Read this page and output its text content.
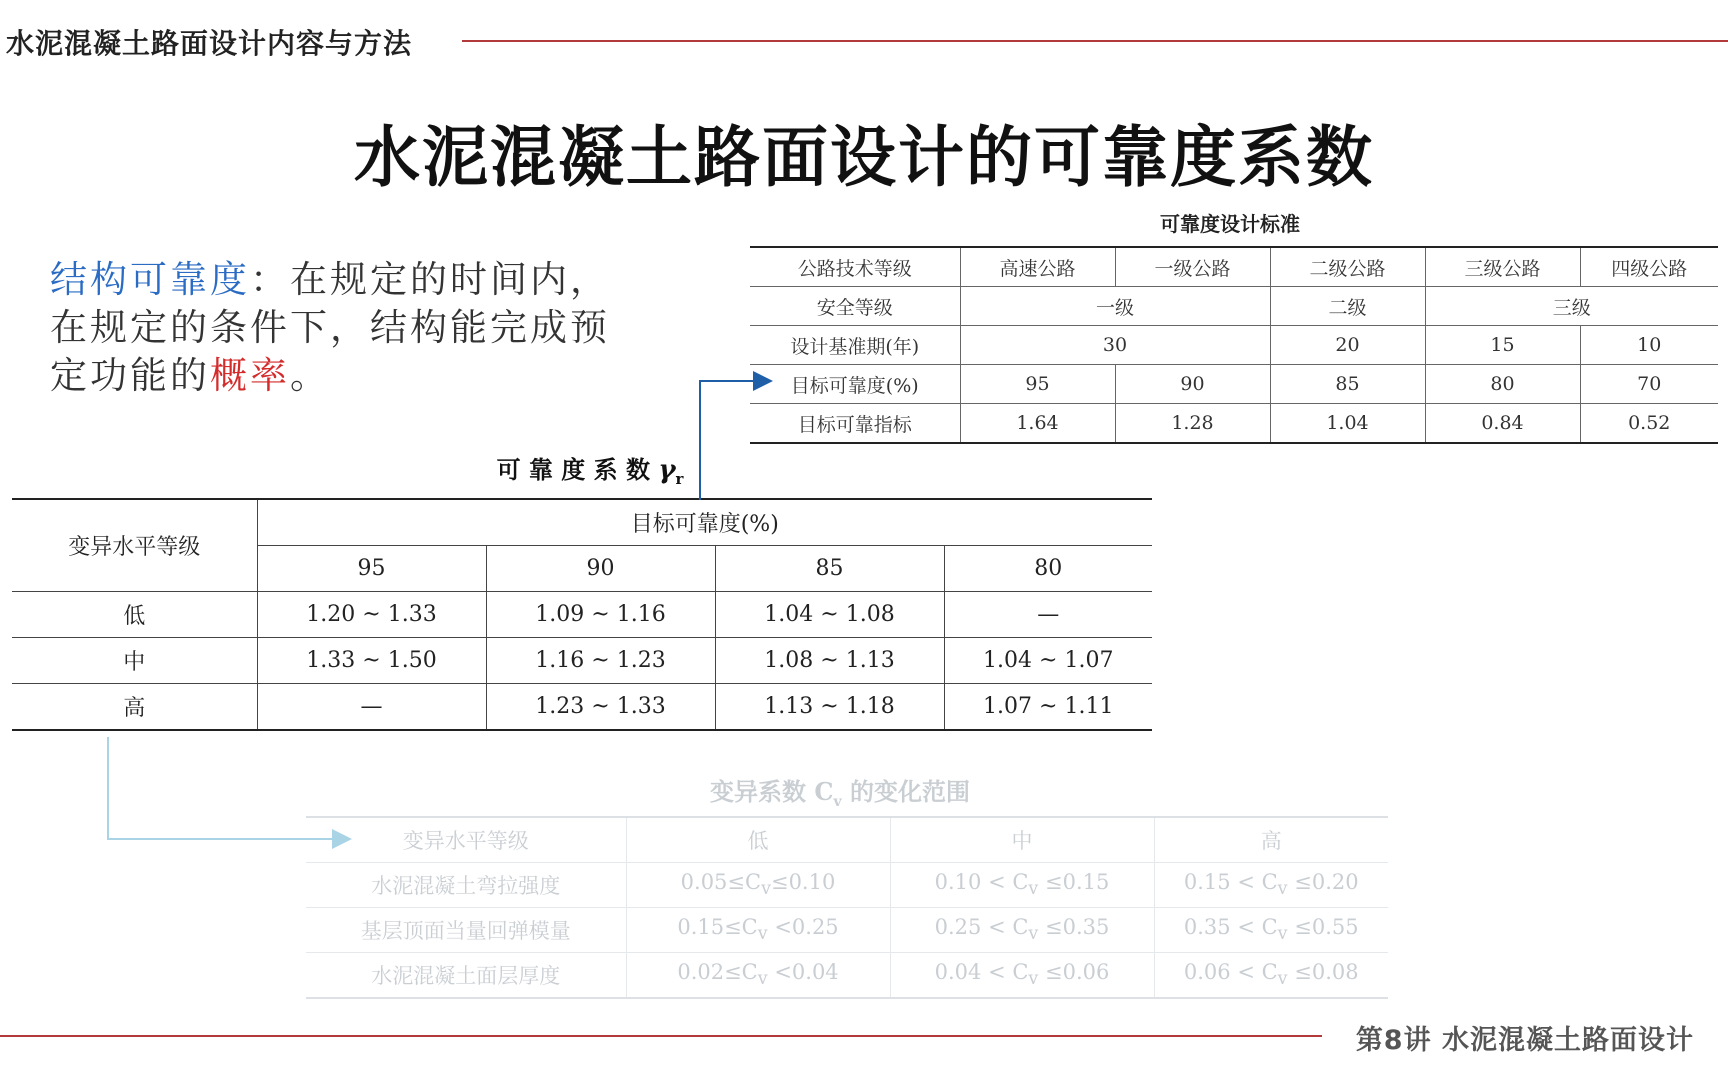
水泥混凝土路面设计内容与方法
水泥混凝土路面设计的可靠度系数
结构可靠度：在规定的时间内，在规定的条件下，结构能完成预定功能的概率。
可靠度设计标准
公路技术等级	高速公路	一级公路	二级公路	三级公路	四级公路
安全等级	一级		二级	三级	
设计基准期(年)	30		20	15	10
目标可靠度(%)	95	90	85	80	70
目标可靠指标	1.64	1.28	1.04	0.84	0.52
可 靠 度 系 数 $\gamma_r$
变异水平等级	目标可靠度(%)			
	95	90	85	80
低	1.20 ~ 1.33	1.09 ~ 1.16	1.04 ~ 1.08	—
中	1.33 ~ 1.50	1.16 ~ 1.23	1.08 ~ 1.13	1.04 ~ 1.07
高	—	1.23 ~ 1.33	1.13 ~ 1.18	1.07 ~ 1.11
变异系数 $C_v$ 的变化范围
变异水平等级	低	中	高
水泥混凝土弯拉强度	$0.05\le C_v\le 0.10$	$0.10 < C_v \le 0.15$	$0.15 < C_v \le 0.20$
基层顶面当量回弹模量	$0.15\le C_v <0.25$	$0.25 < C_v \le 0.35$	$0.35 < C_v \le 0.55$
水泥混凝土面层厚度	$0.02\le C_v <0.04$	$0.04 < C_v \le 0.06$	$0.06 < C_v \le 0.08$
第8讲 水泥混凝土路面设计
